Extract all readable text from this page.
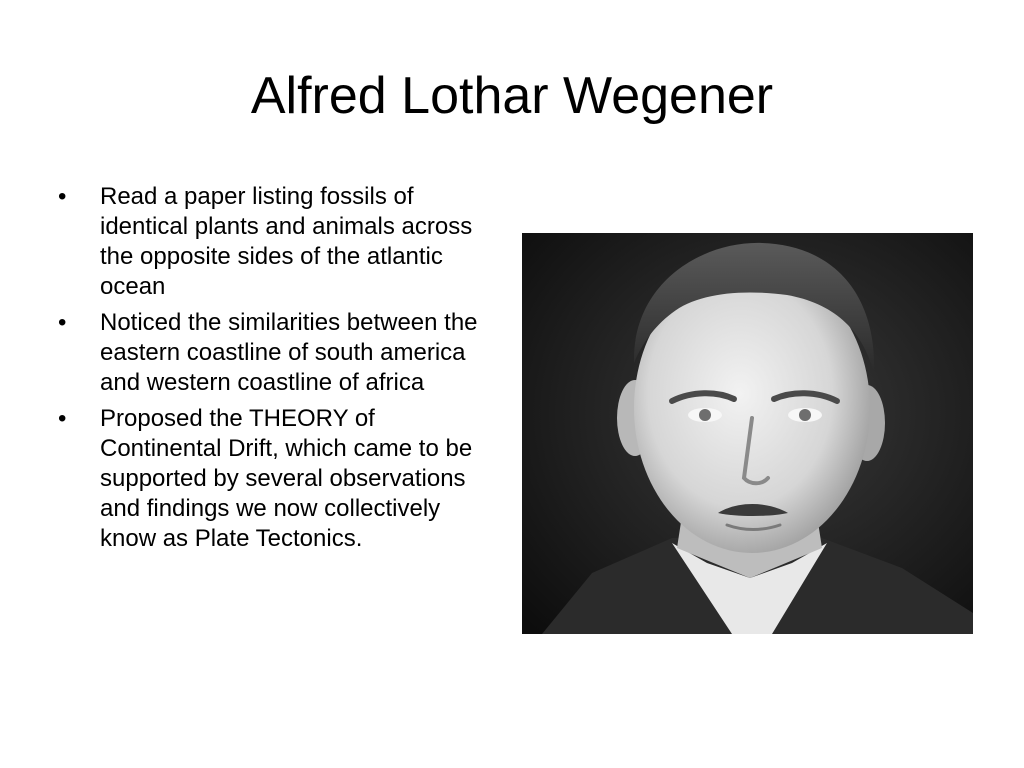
Alfred Lothar Wegener
•	Read a paper listing fossils of identical plants and animals across the opposite sides of the atlantic ocean
•	Noticed the similarities between the eastern coastline of south america and western coastline of africa
•	Proposed the THEORY of Continental Drift, which came to be supported by several observations and findings we now collectively know as Plate Tectonics.
